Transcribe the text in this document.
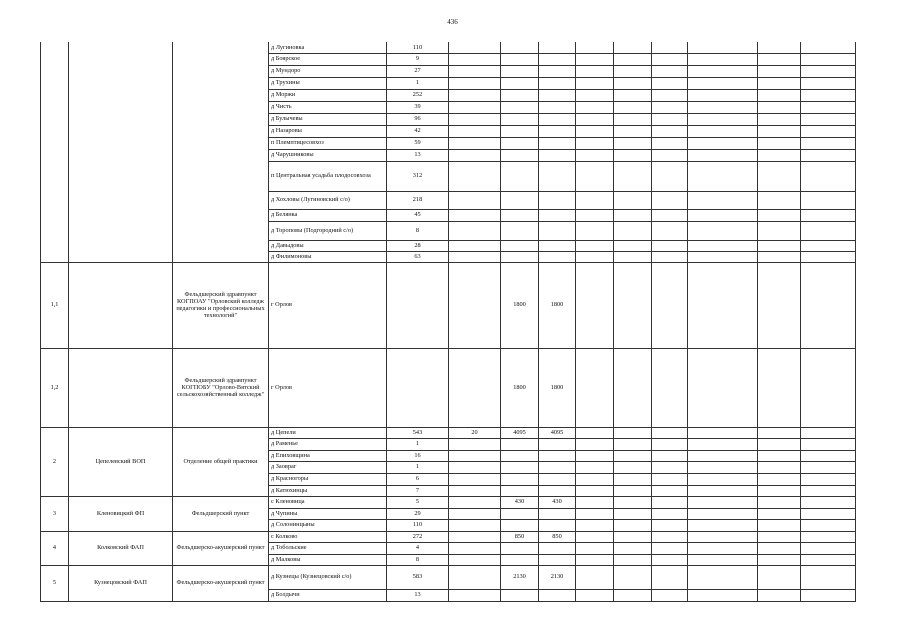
436
			д Лугиновка	110									
			д Боярское	9									
			д Мундоро	27									
			д Трухины	1									
			д Моржи	252									
			д Чисть	39									
			д Булычевы	96									
			д Назаровы	42									
			п Племптицесовхоз	59									
			д Чарушниковы	13									
			п Центральная усадьба плодосовхоза	312									
			д Хохловы (Лугиновский с/о)	218									
			д Белянка	45									
			д Тороповы (Подгородний с/о)	8									
			д Давыдовы	28									
			д Филимоновы	63									
1,1		Фельдшерский здравпункт КОГПОАУ "Орловский колледж педагогики и профессиональных технологий"	г Орлов			1800	1800						
1,2		Фельдшерский здравпункт КОГПОБУ "Орлово-Вятский сельскохозяйственный колледж"	г Орлов			1800	1800						
2	Цепелевский ВОП	Отделение общей практики	д Цепели	543	20	4095	4095						
			д Раменье	1									
			д Епиховщина	16									
			д Заовраг	1									
			д Красногоры	6									
			д Катюхинцы	7									
3	Кленовицкий ФП	Фельдшерский пункт	с Кленовица	5		430	430						
			д Чупины	29									
			д Солонинцыны	110									
4	Колковский ФАП	Фельдшерско-акушерский пункт	с Колково	272		850	850						
			д Тобольские	4									
			д Малковы	8									
5	Кузнецовский ФАП	Фельдшерско-акушерский пункт	д Кузнецы (Кузнецовский с/о)	583		2130	2130						
			д Болдычи	13									
